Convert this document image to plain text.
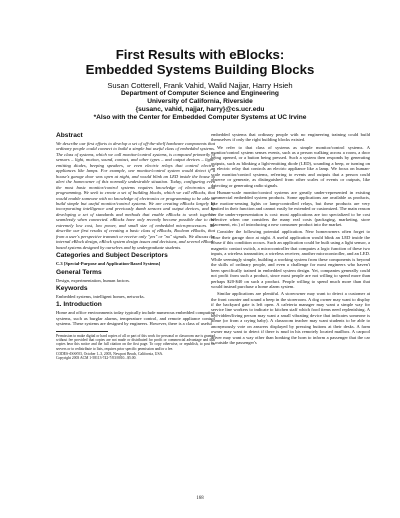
First Results with eBlocks:
Embedded Systems Building Blocks
Susan Cotterell, Frank Vahid, Walid Najjar, Harry Hsieh
Department of Computer Science and Engineering
University of California, Riverside
{susanc, vahid, najjar, harry}@cs.ucr.edu
*Also with the Center for Embedded Computer Systems at UC Irvine
Abstract

We describe our first efforts to develop a set of off-the-shelf hardware components that ordinary people could connect to build a simple but useful class of embedded systems. The class of systems, which we call monitor/control systems, is composed primarily of sensors – light, motion, sound, contact, and other types – and output devices – light-emitting diodes, beeping speakers, or even electric relays that control electric appliances like lamps. For example, one monitor/control system would detect if a house's garage door was open at night, and would blink an LED inside the house to alert the homeowner of this normally undesirable situation. Today, configuring even the most basic monitor/control systems requires knowledge of electronics and programming. We seek to create a set of building blocks, which we call eBlocks, that would enable someone with no knowledge of electronics or programming to be able to build simple but useful monitor/control systems. We are creating eBlocks largely by incorporating intelligence and previously dumb sensors and output devices, and by developing a set of standards and methods that enable eBlocks to work together seamlessly when connected. eBlocks have only recently become possible due to the extremely low cost, low power, and small size of embedded microprocessors. We describe our first results of creating a basic class of eBlocks, Boolean eBlocks, that from a user's perspective transmit or receive only "yes" or "no" signals. We discuss the internal eBlock design, eBlock system design issues and decisions, and several eBlock-based systems designed by ourselves and by undergraduate students.

Categories and Subject Descriptors

C.3 [Special-Purpose and Application-Based Systems]

General Terms

Design, experimentation, human factors.

Keywords

Embedded systems, intelligent homes, networks.

1. Introduction

Home and office environments today typically include numerous embedded computing systems, such as burglar alarms, temperature control, and remote appliance control systems. These systems are designed by engineers. However, there is a class of useful

Permission to make digital or hard copies of all or part of this work for personal or classroom use is granted without fee provided that copies are not made or distributed for profit or commercial advantage and that copies bear this notice and the full citation on the first page. To copy otherwise, or republish, to post on servers or to redistribute to lists, requires prior specific permission and/or a fee.

CODES+ISSS'03, October 1–3, 2003, Newport Beach, California, USA.

Copyright 2003 ACM 1-58113-742-7/03/0010...$5.00.

embedded systems that ordinary people with no engineering training could build themselves if only the right building blocks existed.

We refer to that class of systems as simple monitor/control systems. A monitor/control system senses events, such as a person walking across a room, a door being opened, or a button being pressed. Such a system then responds by generating outputs, such as blinking a light-emitting diode (LED), sounding a beep, or turning on an electric relay that controls an electric appliance like a lamp. We focus on human-scale monitor/control systems, referring to events and outputs that a person could observe or generate, as distinguished from other scales of events or outputs, like detecting or generating radio signals.

Human-scale monitor/control systems are greatly under-represented in existing commercial embedded system products. Some applications are available as products, like motion-sensing lights or lamp-controlled relays, but these products are very limited in their function and cannot easily be extended or customized. The main reason for the under-representation is cost: most applications are too specialized to be cost effective when one considers the many real costs (packaging, marketing, store placement, etc.) of introducing a new consumer product into the market.

Consider the following potential application. New homeowners often forget to close their garage door at night. A useful application would blink an LED inside the house if this condition occurs. Such an application could be built using a light sensor, a magnetic contact switch, a microcontroller that computes a logic function of these two inputs, a wireless transmitter, a wireless receiver, another microcontroller, and an LED. While seemingly simple, building a working system from these components is beyond the skills of ordinary people, and even a challenge for most engineers who haven't been specifically trained in embedded system design. Yet, companies generally could not profit from such a product, since most people are not willing to spend more than perhaps $20-$40 on such a product. People willing to spend much more than that would instead purchase a home alarm system.

Similar applications are plentiful. A storeowner may want to detect a customer at the front counter and sound a beep in the storeroom. A dog owner may want to display if the backyard gate is left open. A cafeteria manager may want a simple way for service line workers to indicate to kitchen staff which food items need replenishing. A bed-ridden/living person may want a small vibrating device that indicates someone is home (or from a crying baby). A classroom teacher may want students to be able to anonymously vote on answers displayed by pressing buttons at their desks. A farm owner may want to detect if there is mud in his remotely located mailbox. A carpool driver may want a way other than honking the horn to inform a passenger that the car is outside the passenger's

168
